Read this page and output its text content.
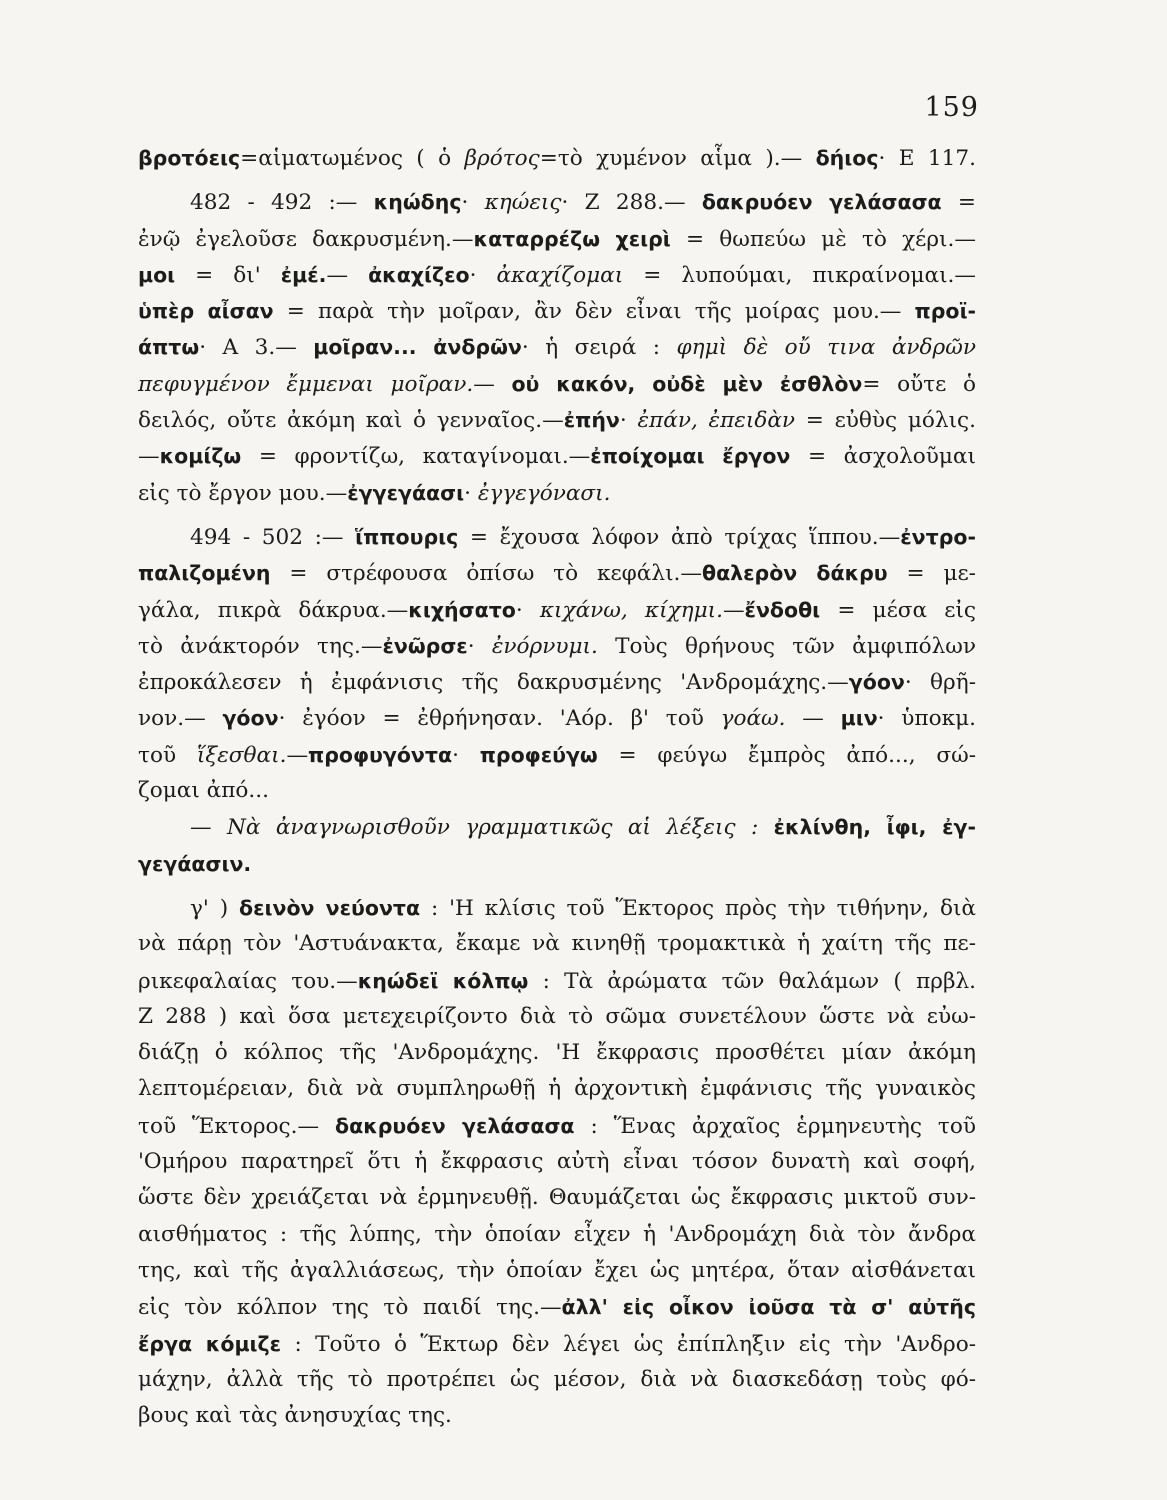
159
βροτόεις=αἱματωμένος ( ὁ βρότος=τὸ χυμένον αἷμα ).— δήιος· Ε 117.
482 - 492 :— κηώδης· κηώεις· Ζ 288.— δακρυόεν γελάσασα =
ἐνῷ ἐγελοῦσε δακρυσμένη.—καταρρέζω χειρὶ = θωπεύω μὲ τὸ χέρι.—
μοι = δι' ἐμέ.— ἀκαχίζεο· ἀκαχίζομαι = λυπούμαι, πικραίνομαι.—
ὑπὲρ αἶσαν = παρὰ τὴν μοῖραν, ἂν δὲν εἶναι τῆς μοίρας μου.— προϊ-
άπτω· Α 3.— μοῖραν... ἀνδρῶν· ἡ σειρά : φημὶ δὲ οὔ τινα ἀνδρῶν
πεφυγμένον ἔμμεναι μοῖραν.— οὐ κακόν, οὐδὲ μὲν ἐσθλὸν= οὔτε ὁ
δειλός, οὔτε ἀκόμη καὶ ὁ γενναῖος.—ἐπήν· ἐπάν, ἐπειδὰν = εὐθὺς μόλις.
—κομίζω = φροντίζω, καταγίνομαι.—ἐποίχομαι ἔργον = ἀσχολοῦμαι
εἰς τὸ ἔργον μου.—ἐγγεγάασι· ἐγγεγόνασι.
494 - 502 :— ἵππουρις = ἔχουσα λόφον ἀπὸ τρίχας ἵππου.—ἐντρο-
παλιζομένη = στρέφουσα ὀπίσω τὸ κεφάλι.—θαλερὸν δάκρυ = με-
γάλα, πικρὰ δάκρυα.—κιχήσατο· κιχάνω, κίχημι.—ἔνδοθι = μέσα εἰς
τὸ ἀνάκτορόν της.—ἐνῶρσε· ἐνόρνυμι. Τοὺς θρήνους τῶν ἀμφιπόλων
ἐπροκάλεσεν ἡ ἐμφάνισις τῆς δακρυσμένης 'Ανδρομάχης.—γόον· θρῆ-
νον.— γόον· ἐγόον = ἐθρήνησαν. 'Αόρ. β' τοῦ γοάω. — μιν· ὑποκμ.
τοῦ ἵξεσθαι.—προφυγόντα· προφεύγω = φεύγω ἔμπρὸς ἀπό..., σώ-
ζομαι ἀπό...
— Νὰ ἀναγνωρισθοῦν γραμματικῶς αἱ λέξεις : ἐκλίνθη, ἶφι, ἐγ-
γεγάασιν.
γ' ) δεινὸν νεύοντα : 'Η κλίσις τοῦ Ἕκτορος πρὸς τὴν τιθήνην, διὰ
νὰ πάρῃ τὸν 'Αστυάνακτα, ἔκαμε νὰ κινηθῇ τρομακτικὰ ἡ χαίτη τῆς πε-
ρικεφαλαίας του.—κηώδεϊ κόλπῳ : Τὰ ἀρώματα τῶν θαλάμων ( πρβλ.
Ζ 288 ) καὶ ὅσα μετεχειρίζοντο διὰ τὸ σῶμα συνετέλουν ὥστε νὰ εὐω-
διάζῃ ὁ κόλπος τῆς 'Ανδρομάχης. 'Η ἔκφρασις προσθέτει μίαν ἀκόμη
λεπτομέρειαν, διὰ νὰ συμπληρωθῇ ἡ ἀρχοντικὴ ἐμφάνισις τῆς γυναικὸς
τοῦ Ἕκτορος.— δακρυόεν γελάσασα : Ἕνας ἀρχαῖος ἑρμηνευτὴς τοῦ
'Ομήρου παρατηρεῖ ὅτι ἡ ἔκφρασις αὐτὴ εἶναι τόσον δυνατὴ καὶ σοφή,
ὥστε δὲν χρειάζεται νὰ ἑρμηνευθῇ. Θαυμάζεται ὡς ἔκφρασις μικτοῦ συν-
αισθήματος : τῆς λύπης, τὴν ὁποίαν εἶχεν ἡ 'Ανδρομάχη διὰ τὸν ἄνδρα
της, καὶ τῆς ἀγαλλιάσεως, τὴν ὁποίαν ἔχει ὡς μητέρα, ὅταν αἰσθάνεται
εἰς τὸν κόλπον της τὸ παιδί της.—ἀλλ' εἰς οἶκον ἰοῦσα τὰ σ' αὐτῆς
ἔργα κόμιζε : Τοῦτο ὁ Ἕκτωρ δὲν λέγει ὡς ἐπίπληξιν εἰς τὴν 'Ανδρο-
μάχην, ἀλλὰ τῆς τὸ προτρέπει ὡς μέσον, διὰ νὰ διασκεδάσῃ τοὺς φό-
βους καὶ τὰς ἀνησυχίας της.
